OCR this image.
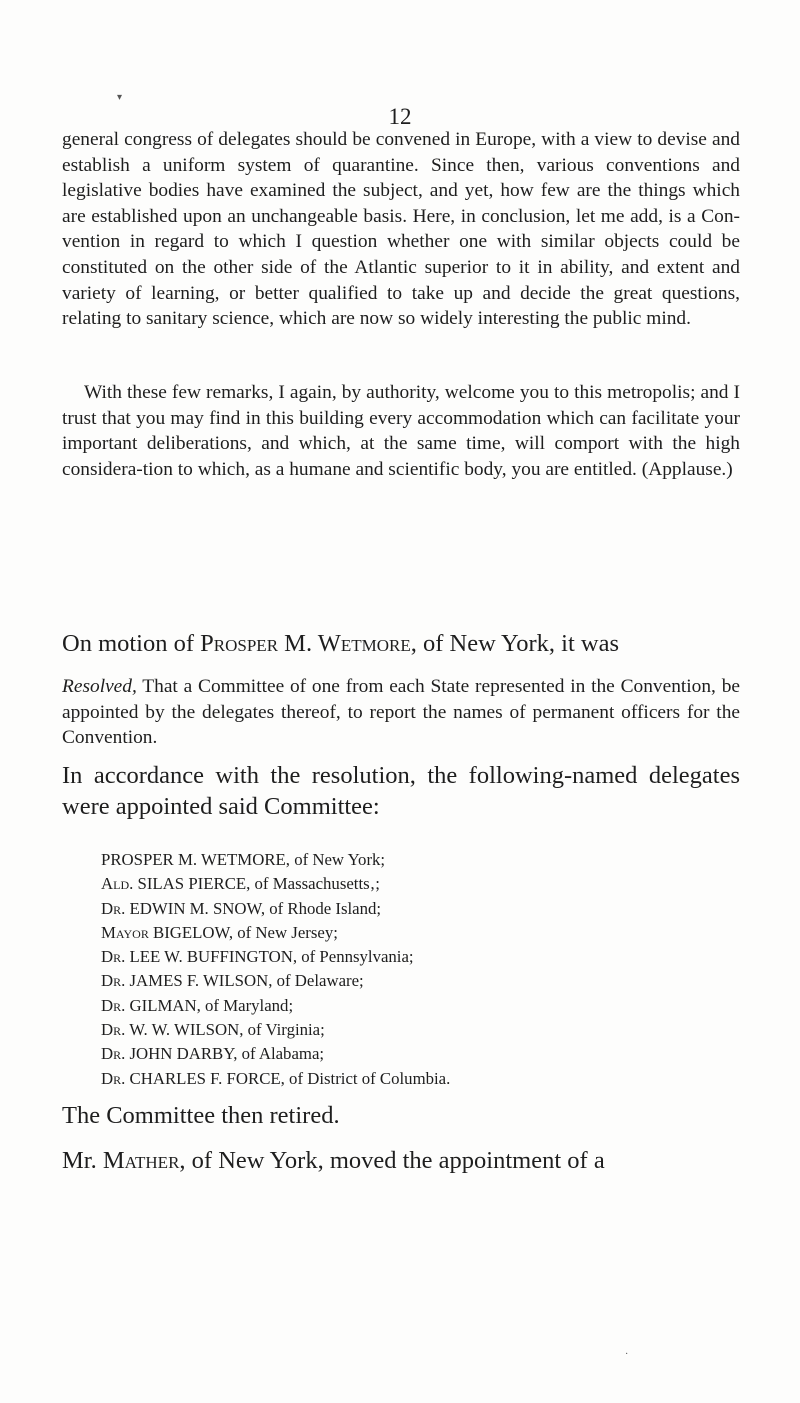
▾
12
general congress of delegates should be convened in Europe, with a view to devise and establish a uniform system of quarantine. Since then, various conventions and legislative bodies have examined the subject, and yet, how few are the things which are established upon an unchangeable basis. Here, in conclusion, let me add, is a Con-vention in regard to which I question whether one with similar objects could be constituted on the other side of the Atlantic superior to it in ability, and extent and variety of learning, or better qualified to take up and decide the great questions, relating to sanitary science, which are now so widely interesting the public mind.
With these few remarks, I again, by authority, welcome you to this metropolis; and I trust that you may find in this building every accommodation which can facilitate your important deliberations, and which, at the same time, will comport with the high considera-tion to which, as a humane and scientific body, you are entitled. (Applause.)
On motion of Prosper M. Wetmore, of New York, it was
Resolved, That a Committee of one from each State represented in the Convention, be appointed by the delegates thereof, to report the names of permanent officers for the Convention.
In accordance with the resolution, the following-named delegates were appointed said Committee:
PROSPER M. WETMORE, of New York;
Ald. SILAS PIERCE, of Massachusetts‚;
Dr. EDWIN M. SNOW, of Rhode Island;
Mayor BIGELOW, of New Jersey;
Dr. LEE W. BUFFINGTON, of Pennsylvania;
Dr. JAMES F. WILSON, of Delaware;
Dr. GILMAN, of Maryland;
Dr. W. W. WILSON, of Virginia;
Dr. JOHN DARBY, of Alabama;
Dr. CHARLES F. FORCE, of District of Columbia.
The Committee then retired.
Mr. Mather, of New York, moved the appointment of a
·
